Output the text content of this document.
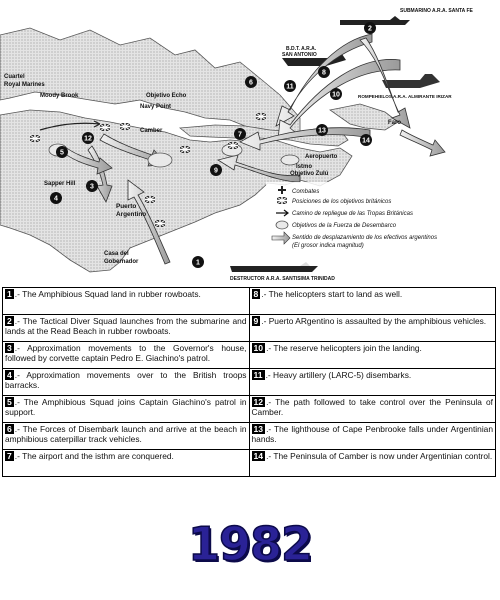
1
2
3
4
5
6
7
8
9
10
11
12
13
14
SUBMARINO A.R.A. SANTA FE
B.D.T. A.R.A.
SAN ANTONIO
ROMPEHIELOS A.R.A. ALMIRANTE IRIZAR
Cuartel
Royal Marines
Moody Brook	Objetivo Echo
Navy Point
Camber
Faro
Aeropuerto
Istmo
Objetivo Zulú
Sapper Hill
Puerto
Argentino
Casa del
Gobernador
DESTRUCTOR A.R.A. SANTISIMA TRINIDAD
Combates
Posiciones de los objetivos británicos
Camino de repliegue de las Tropas Británicas
Objetivos de la Fuerza de Desembarco
Sentido de desplazamiento de los efectivos argentinos
(El grosor indica magnitud)
1 .- The Amphibious Squad land in rubber rowboats.	8 .- The helicopters start to land as well.
2 .- The Tactical Diver Squad launches from the submarine and lands at the Read Beach in rubber rowboats.	9 .- Puerto ARgentino is assaulted by the amphibious vehicles.
3 .- Approximation movements to the Governor's house, followed by corvette captain Pedro E. Giachino's patrol.	10 .- The reserve helicopters join the landing.
4 .- Approximation movements over to the British troops barracks.	11 .- Heavy artillery (LARC-5) disembarks.
5 .- The Amphibious Squad joins Captain Giachino's patrol in support.	12 .- The path followed to take control over the Peninsula of Camber.
6 .- The Forces of Disembark launch and arrive at the beach in amphibious caterpillar track vehicles.	13 .- The lighthouse of Cape Penbrooke falls under Argentinian hands.
7 .- The airport and the isthm are conquered.	14 .- The Peninsula of Camber is now under Argentinian control.
1982
